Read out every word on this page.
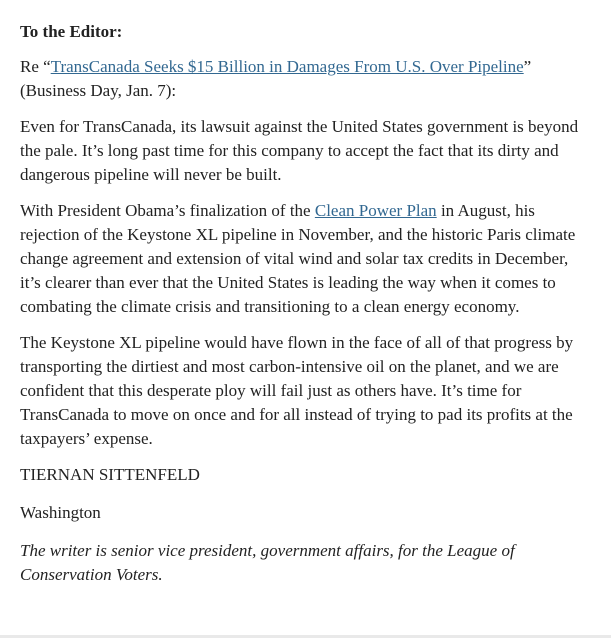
To the Editor:

Re “TransCanada Seeks $15 Billion in Damages From U.S. Over Pipeline”
(Business Day, Jan. 7):

Even for TransCanada, its lawsuit against the United States government is beyond the pale. It’s long past time for this company to accept the fact that its dirty and dangerous pipeline will never be built.

With President Obama’s finalization of the Clean Power Plan in August, his rejection of the Keystone XL pipeline in November, and the historic Paris climate change agreement and extension of vital wind and solar tax credits in December, it’s clearer than ever that the United States is leading the way when it comes to combating the climate crisis and transitioning to a clean energy economy.

The Keystone XL pipeline would have flown in the face of all of that progress by transporting the dirtiest and most carbon-intensive oil on the planet, and we are confident that this desperate ploy will fail just as others have. It’s time for TransCanada to move on once and for all instead of trying to pad its profits at the taxpayers’ expense.

TIERNAN SITTENFELD

Washington

The writer is senior vice president, government affairs, for the League of Conservation Voters.
